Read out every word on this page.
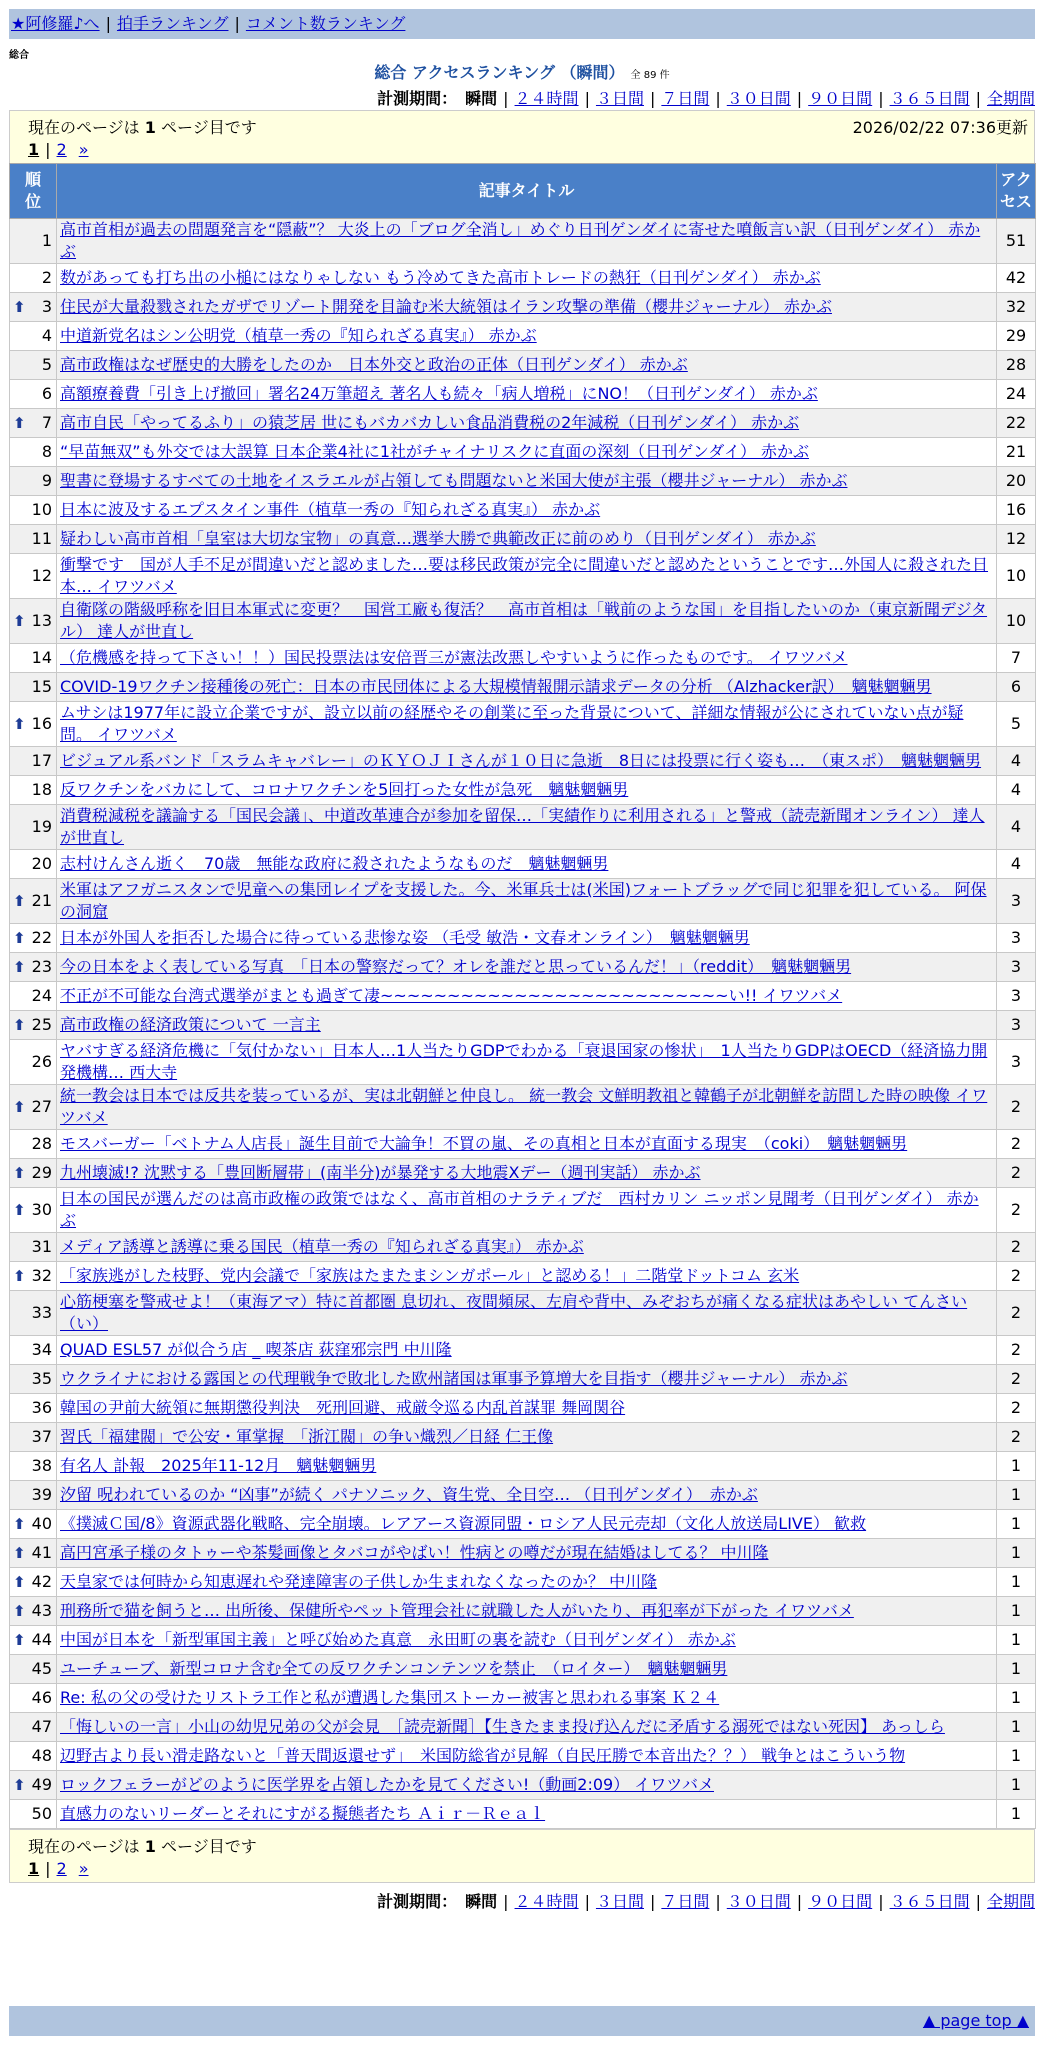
★阿修羅♪へ | 拍手ランキング | コメント数ランキング
総合
総合 アクセスランキング （瞬間） 全 89 件
計測期間： 瞬間 | ２４時間 | ３日間 | ７日間 | ３０日間 | ９０日間 | ３６５日間 | 全期間
現在のページは 1 ページ目です	2026/02/22 07:36更新
1 | 2 »
順
位	記事タイトル	アク
セス
1	高市首相が過去の問題発言を“隠蔽”？ 大炎上の「ブログ全消し」めぐり日刊ゲンダイに寄せた噴飯言い訳（日刊ゲンダイ） 赤かぶ	51
2	数があっても打ち出の小槌にはなりゃしない もう冷めてきた高市トレードの熱狂（日刊ゲンダイ） 赤かぶ	42

⬆ 3	住民が大量殺戮されたガザでリゾート開発を目論む米大統領はイラン攻撃の準備（櫻井ジャーナル） 赤かぶ	32
4	中道新党名はシン公明党（植草一秀の『知られざる真実』） 赤かぶ	29
5	高市政権はなぜ歴史的大勝をしたのか　日本外交と政治の正体（日刊ゲンダイ） 赤かぶ	28
6	高額療養費「引き上げ撤回」署名24万筆超え 著名人も続々「病人増税」にNO！（日刊ゲンダイ） 赤かぶ	24

⬆ 7	高市自民「やってるふり」の猿芝居 世にもバカバカしい食品消費税の2年減税（日刊ゲンダイ） 赤かぶ	22
8	“早苗無双”も外交では大誤算 日本企業4社に1社がチャイナリスクに直面の深刻（日刊ゲンダイ） 赤かぶ	21
9	聖書に登場するすべての土地をイスラエルが占領しても問題ないと米国大使が主張（櫻井ジャーナル） 赤かぶ	20
10	日本に波及するエプスタイン事件（植草一秀の『知られざる真実』） 赤かぶ	16
11	疑わしい高市首相「皇室は大切な宝物」の真意…選挙大勝で典範改正に前のめり（日刊ゲンダイ） 赤かぶ	12
12	衝撃です　国が人手不足が間違いだと認めました…要は移民政策が完全に間違いだと認めたということです…外国人に殺された日本… イワツバメ	10

⬆ 13	自衛隊の階級呼称を旧日本軍式に変更？　国営工廠も復活？　高市首相は「戦前のような国」を目指したいのか（東京新聞デジタル） 達人が世直し	10
14	（危機感を持って下さい！！）国民投票法は安倍晋三が憲法改悪しやすいように作ったものです。 イワツバメ	7
15	COVID-19ワクチン接種後の死亡：日本の市民団体による大規模情報開示請求データの分析 （Alzhacker訳）　魑魅魍魎男	6

⬆ 16	ムサシは1977年に設立企業ですが、設立以前の経歴やその創業に至った背景について、詳細な情報が公にされていない点が疑問。 イワツバメ	5
17	ビジュアル系バンド「スラムキャバレー」のＫＹＯＪＩさんが１０日に急逝　8日には投票に行く姿も…　（東スポ）　魑魅魍魎男	4
18	反ワクチンをバカにして、コロナワクチンを5回打った女性が急死　魑魅魍魎男	4
19	消費税減税を議論する「国民会議」、中道改革連合が参加を留保…「実績作りに利用される」と警戒（読売新聞オンライン） 達人が世直し	4
20	志村けんさん逝く　70歳　無能な政府に殺されたようなものだ　魑魅魍魎男	4

⬆ 21	米軍はアフガニスタンで児童への集団レイプを支援した。今、米軍兵士は(米国)フォートブラッグで同じ犯罪を犯している。 阿保の洞窟	3

⬆ 22	日本が外国人を拒否した場合に待っている悲惨な姿 （毛受 敏浩・文春オンライン）　魑魅魍魎男	3

⬆ 23	今の日本をよく表している写真　「日本の警察だって？オレを誰だと思っているんだ！」（reddit）　魑魅魍魎男	3
24	不正が不可能な台湾式選挙がまとも過ぎて凄~~~~~~~~~~~~~~~~~~~~~~~~~~い!! イワツバメ	3

⬆ 25	高市政権の経済政策について 一言主	3
26	ヤバすぎる経済危機に「気付かない」日本人…1人当たりGDPでわかる「衰退国家の惨状」　1人当たりGDPはOECD（経済協力開発機構… 西大寺	3

⬆ 27	統一教会は日本では反共を装っているが、実は北朝鮮と仲良し。 統一教会 文鮮明教祖と韓鶴子が北朝鮮を訪問した時の映像 イワツバメ	2
28	モスバーガー「ベトナム人店長」誕生目前で大論争！不買の嵐、その真相と日本が直面する現実　（coki）　魑魅魍魎男	2

⬆ 29	九州壊滅!? 沈黙する「豊回断層帯」(南半分)が暴発する大地震Xデー（週刊実話） 赤かぶ	2

⬆ 30	日本の国民が選んだのは高市政権の政策ではなく、高市首相のナラティブだ　西村カリン ニッポン見聞考（日刊ゲンダイ） 赤かぶ	2
31	メディア誘導と誘導に乗る国民（植草一秀の『知られざる真実』） 赤かぶ	2

⬆ 32	「家族逃がした枝野、党内会議で「家族はたまたまシンガポール」と認める！」二階堂ドットコム 玄米	2
33	心筋梗塞を警戒せよ！（東海アマ）特に首都圏 息切れ、夜間頻尿、左肩や背中、みぞおちが痛くなる症状はあやしい てんさい（い）	2
34	QUAD ESL57 が似合う店 _ 喫茶店 荻窪邪宗門 中川隆	2
35	ウクライナにおける露国との代理戦争で敗北した欧州諸国は軍事予算増大を目指す（櫻井ジャーナル） 赤かぶ	2
36	韓国の尹前大統領に無期懲役判決　死刑回避、戒厳令巡る内乱首謀罪 舞岡関谷	2
37	習氏「福建閥」で公安・軍掌握　「浙江閥」の争い熾烈／日経 仁王像	2
38	有名人 訃報　2025年11-12月　魑魅魍魎男	1
39	汐留 呪われているのか “凶事”が続く パナソニック、資生党、全日空… （日刊ゲンダイ）　赤かぶ	1

⬆ 40	《撲滅Ｃ国/8》資源武器化戦略、完全崩壊。レアアース資源同盟・ロシア人民元売却（文化人放送局LIVE） 歓救	1

⬆ 41	高円宮承子様のタトゥーや茶髪画像とタバコがやばい！性病との噂だが現在結婚はしてる？ 中川隆	1

⬆ 42	天皇家では何時から知恵遅れや発達障害の子供しか生まれなくなったのか？ 中川隆	1

⬆ 43	刑務所で猫を飼うと… 出所後、保健所やペット管理会社に就職した人がいたり、再犯率が下がった イワツバメ	1

⬆ 44	中国が日本を「新型軍国主義」と呼び始めた真意　永田町の裏を読む（日刊ゲンダイ） 赤かぶ	1
45	ユーチューブ、新型コロナ含む全ての反ワクチンコンテンツを禁止　（ロイター）　魑魅魍魎男	1
46	Re: 私の父の受けたリストラ工作と私が遭遇した集団ストーカー被害と思われる事案 Ｋ２４	1
47	「悔しいの一言」小山の幼児兄弟の父が会見　［読売新聞］【生きたまま投げ込んだに矛盾する溺死ではない死因】 あっしら	1
48	辺野古より長い滑走路ないと「普天間返還せず」　米国防総省が見解（自民圧勝で本音出た？？） 戦争とはこういう物	1

⬆ 49	ロックフェラーがどのように医学界を占領したかを見てください!（動画2:09） イワツバメ	1
50	直感力のないリーダーとそれにすがる擬態者たち Ａｉｒ－Ｒｅａｌ	1
現在のページは 1 ページ目です
1 | 2 »
計測期間： 瞬間 | ２４時間 | ３日間 | ７日間 | ３０日間 | ９０日間 | ３６５日間 | 全期間
▲ page top ▲
